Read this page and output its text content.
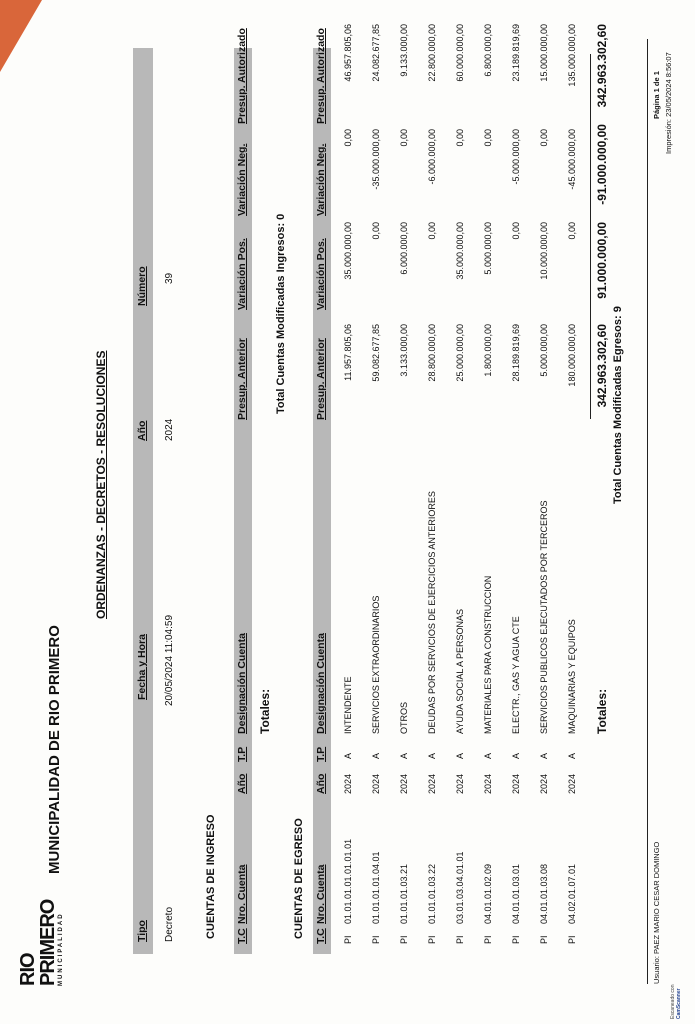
RIO
PRIMERO MUNICIPALIDAD
MUNICIPALIDAD DE RIO PRIMERO
ORDENANZAS - DECRETOS - RESOLUCIONES
Tipo
Fecha y Hora
Año
Número
Decreto
20/05/2024 11:04:59
2024
39
CUENTAS DE INGRESO T.C
Nro. Cuenta
Año
T.P
Designación Cuenta
Presup. Anterior
Variación Pos.
Variación Neg.
Presup. Autorizado
Totales:
Total Cuentas Modificadas Ingresos: 0
CUENTAS DE EGRESO T.C
Nro. Cuenta
Año
T.P
Designación Cuenta
Presup. Anterior
Variación Pos.
Variación Neg.
Presup. Autorizado
PI
01.01.01.01.01.01.01
2024
A
INTENDENTE
11.957.805,06
35.000.000,00
0,00
46.957.805,06
PI
01.01.01.01.04.01
2024
A
SERVICIOS EXTRAORDINARIOS
59.082.677,85
0,00
-35.000.000,00
24.082.677,85
PI
01.01.01.03.21
2024
A
OTROS
3.133.000,00
6.000.000,00
0,00
9.133.000,00
PI
01.01.01.03.22
2024
A
DEUDAS POR SERVICIOS DE EJERCICIOS ANTERIORES
28.800.000,00
0,00
-6.000.000,00
22.800.000,00
PI
03.01.03.04.01.01
2024
A
AYUDA SOCIAL A PERSONAS
25.000.000,00
35.000.000,00
0,00
60.000.000,00
PI
04.01.01.02.09
2024
A
MATERIALES PARA CONSTRUCCION
1.800.000,00
5.000.000,00
0,00
6.800.000,00
PI
04.01.01.03.01
2024
A
ELECTR., GAS Y AGUA CTE
28.189.819,69
0,00
-5.000.000,00
23.189.819,69
PI
04.01.01.03.08
2024
A
SERVICIOS PUBLICOS EJECUTADOS POR TERCEROS
5.000.000,00
10.000.000,00
0,00
15.000.000,00
PI
04.02.01.07.01
2024
A
MAQUINARIAS Y EQUIPOS
180.000.000,00
0,00
-45.000.000,00
135.000.000,00
Totales:
342.963.302,60
91.000.000,00
-91.000.000,00
342.963.302,60
Total Cuentas Modificadas Egresos: 9
Usuario: PAEZ MARIO CESAR DOMINGO
Página 1 de 1 Impresión: 23/05/2024 8:56:07
Escaneado con CamScanner
